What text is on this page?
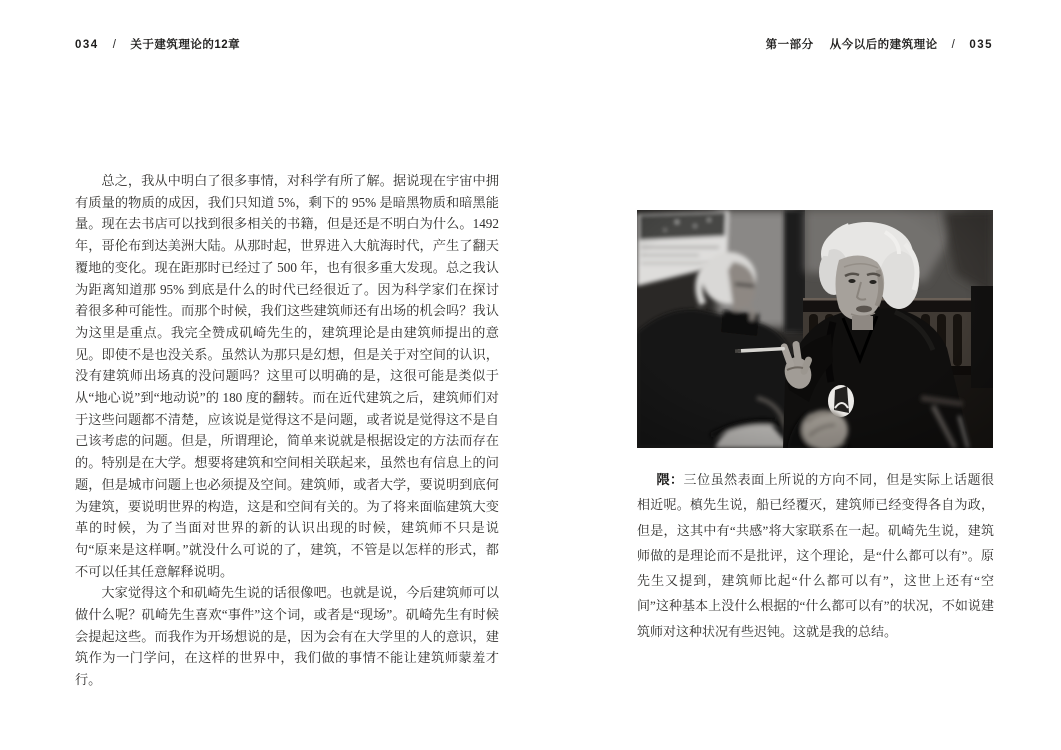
034 / 关于建筑理论的12章	第一部分 从今以后的建筑理论 / 035

总之，我从中明白了很多事情，对科学有所了解。据说现在宇宙中拥有质量的物质的成因，我们只知道 5%，剩下的 95% 是暗黑物质和暗黑能量。现在去书店可以找到很多相关的书籍，但是还是不明白为什么。1492 年，哥伦布到达美洲大陆。从那时起，世界进入大航海时代，产生了翻天覆地的变化。现在距那时已经过了 500 年，也有很多重大发现。总之我认为距离知道那 95% 到底是什么的时代已经很近了。因为科学家们在探讨着很多种可能性。而那个时候，我们这些建筑师还有出场的机会吗？我认为这里是重点。我完全赞成矶崎先生的，建筑理论是由建筑师提出的意见。即使不是也没关系。虽然认为那只是幻想，但是关于对空间的认识，没有建筑师出场真的没问题吗？这里可以明确的是，这很可能是类似于从“地心说”到“地动说”的 180 度的翻转。而在近代建筑之后，建筑师们对于这些问题都不清楚，应该说是觉得这不是问题，或者说是觉得这不是自己该考虑的问题。但是，所谓理论，简单来说就是根据设定的方法而存在的。特别是在大学。想要将建筑和空间相关联起来，虽然也有信息上的问题，但是城市问题上也必须提及空间。建筑师，或者大学，要说明到底何为建筑，要说明世界的构造，这是和空间有关的。为了将来面临建筑大变革的时候，为了当面对世界的新的认识出现的时候，建筑师不只是说句“原来是这样啊。”就没什么可说的了，建筑，不管是以怎样的形式，都不可以任其任意解释说明。

大家觉得这个和矶崎先生说的话很像吧。也就是说，今后建筑师可以做什么呢？矶崎先生喜欢“事件”这个词，或者是“现场”。矶崎先生有时候会提起这些。而我作为开场想说的是，因为会有在大学里的人的意识，建筑作为一门学问，在这样的世界中，我们做的事情不能让建筑师蒙羞才行。

隈：三位虽然表面上所说的方向不同，但是实际上话题很相近呢。槙先生说，船已经覆灭，建筑师已经变得各自为政，但是，这其中有“共感”将大家联系在一起。矶崎先生说，建筑师做的是理论而不是批评，这个理论，是“什么都可以有”。原先生又提到，建筑师比起“什么都可以有”，这世上还有“空间”这种基本上没什么根据的“什么都可以有”的状况，不如说建筑师对这种状况有些迟钝。这就是我的总结。
